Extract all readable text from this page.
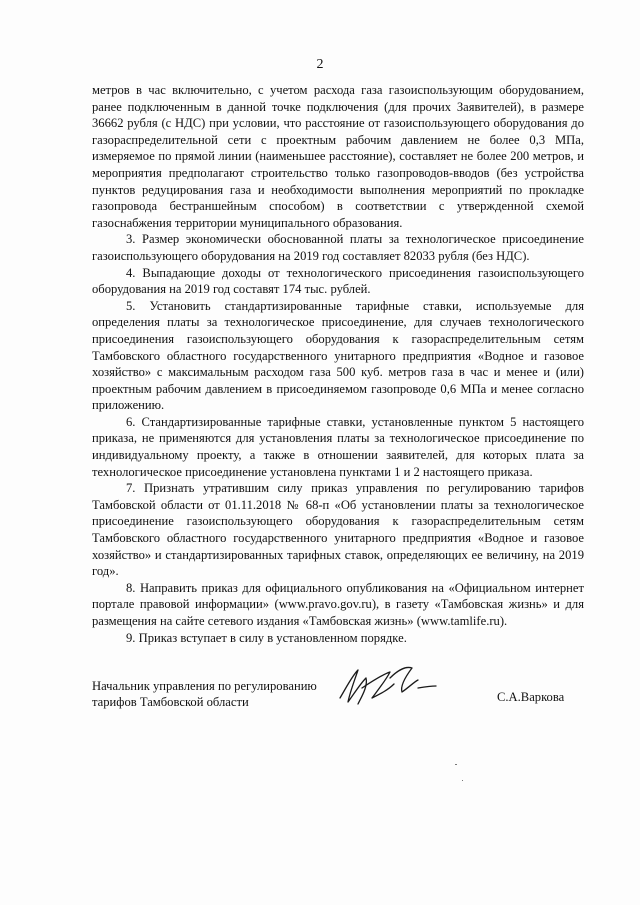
2

метров в час включительно, с учетом расхода газа газоиспользующим оборудованием, ранее подключенным в данной точке подключения (для прочих Заявителей), в размере 36662 рубля (с НДС) при условии, что расстояние от газоиспользующего оборудования до газораспределительной сети с проектным рабочим давлением не более 0,3 МПа, измеряемое по прямой линии (наименьшее расстояние), составляет не более 200 метров, и мероприятия предполагают строительство только газопроводов-вводов (без устройства пунктов редуцирования газа и необходимости выполнения мероприятий по прокладке газопровода бестраншейным способом) в соответствии с утвержденной схемой газоснабжения территории муниципального образования.

3. Размер экономически обоснованной платы за технологическое присоединение газоиспользующего оборудования на 2019 год составляет 82033 рубля (без НДС).

4. Выпадающие доходы от технологического присоединения газоиспользующего оборудования на 2019 год составят 174 тыс. рублей.

5. Установить стандартизированные тарифные ставки, используемые для определения платы за технологическое присоединение, для случаев технологического присоединения газоиспользующего оборудования к газораспределительным сетям Тамбовского областного государственного унитарного предприятия «Водное и газовое хозяйство» с максимальным расходом газа 500 куб. метров газа в час и менее и (или) проектным рабочим давлением в присоединяемом газопроводе 0,6 МПа и менее согласно приложению.

6. Стандартизированные тарифные ставки, установленные пунктом 5 настоящего приказа, не применяются для установления платы за технологическое присоединение по индивидуальному проекту, а также в отношении заявителей, для которых плата за технологическое присоединение установлена пунктами 1 и 2 настоящего приказа.

7. Признать утратившим силу приказ управления по регулированию тарифов Тамбовской области от 01.11.2018 № 68-п «Об установлении платы за технологическое присоединение газоиспользующего оборудования к газораспределительным сетям Тамбовского областного государственного унитарного предприятия «Водное и газовое хозяйство» и стандартизированных тарифных ставок, определяющих ее величину, на 2019 год».

8. Направить приказ для официального опубликования на «Официальном интернет портале правовой информации» (www.pravo.gov.ru), в газету «Тамбовская жизнь» и для размещения на сайте сетевого издания «Тамбовская жизнь» (www.tamlife.ru).

9. Приказ вступает в силу в установленном порядке.

Начальник управления по регулированию
тарифов Тамбовской области	С.А.Варкова
